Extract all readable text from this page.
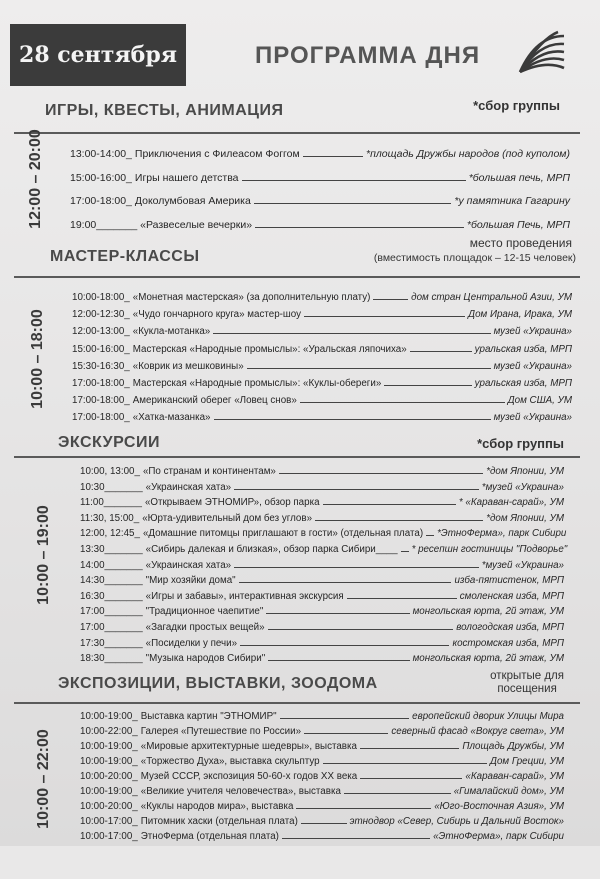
28 сентября	ПРОГРАММА ДНЯ
ИГРЫ, КВЕСТЫ, АНИМАЦИЯ	*сбор группы
12:00 – 20:00 13:00-14:00_ Приключения с Филеасом Фоггом	*площадь Дружбы народов (под куполом)
15:00-16:00_ Игры нашего детства	*большая печь, МРП
17:00-18:00_ Доколумбовая Америка	*у памятника Гагарину
19:00_______ «Развеселые вечерки»	*большая Печь, МРП
МАСТЕР-КЛАССЫ
место проведения
(вместимость площадок – 12-15 человек)
10:00 – 18:00
10:00-18:00_ «Монетная мастерская» (за дополнительную плату)	дом стран Центральной Азии, УМ
12:00-12:30_ «Чудо гончарного круга» мастер-шоу	Дом Ирана, Ирака, УМ
12:00-13:00_ «Кукла-мотанка»	музей «Украина»
15:00-16:00_ Мастерская «Народные промыслы»: «Уральская ляпочиха»	уральская изба, МРП
15:30-16:30_ «Коврик из мешковины»	музей «Украина»
17:00-18:00_ Мастерская «Народные промыслы»: «Куклы-обереги»	уральская изба, МРП
17:00-18:00_ Американский оберег «Ловец снов»	Дом США, УМ
17:00-18:00_ «Хатка-мазанка»	музей «Украина»
ЭКСКУРСИИ	*сбор группы
10:00 – 19:00
10:00, 13:00_ «По странам и континентам»	*дом Японии, УМ
10:30_______ «Украинская хата»	*музей «Украина»
11:00_______ «Открываем ЭТНОМИР», обзор парка	* «Караван-сарай», УМ
11:30, 15:00_ «Юрта-удивительный дом без углов»	*дом Японии, УМ
12:00, 12:45_ «Домашние питомцы приглашают в гости» (отдельная плата) *ЭтноФерма», парк Сибири
13:30_______ «Сибирь далекая и близкая», обзор парка Сибири____ * ресепшн гостиницы "Подворье"
14:00_______ «Украинская хата»	*музей «Украина»
14:30_______ "Мир хозяйки дома"	изба-пятистенок, МРП
16:30_______ «Игры и забавы», интерактивная экскурсия	смоленская изба, МРП
17:00_______ "Традиционное чаепитие"	монгольская юрта, 2й этаж, УМ
17:00_______ «Загадки простых вещей»	вологодская изба, МРП
17:30_______ «Посиделки у печи»	костромская изба, МРП
18:30_______ "Музыка народов Сибири"	монгольская юрта, 2й этаж, УМ
ЭКСПОЗИЦИИ, ВЫСТАВКИ, ЗООДОМА	открытые для
посещения
10:00 – 22:00
10:00-19:00_ Выставка картин "ЭТНОМИР"	европейский дворик Улицы Мира
10:00-22:00_ Галерея «Путешествие по России»	северный фасад «Вокруг света», УМ
10:00-19:00_ «Мировые архитектурные шедевры», выставка	Площадь Дружбы, УМ
10:00-19:00_ «Торжество Духа», выставка скульптур	Дом Греции, УМ
10:00-20:00_ Музей СССР, экспозиция 50-60-х годов XX века	«Караван-сарай», УМ
10:00-19:00_ «Великие учителя человечества», выставка	«Гималайский дом», УМ
10:00-20:00_ «Куклы народов мира», выставка	«Юго-Восточная Азия», УМ
10:00-17:00_ Питомник хаски (отдельная плата)	этнодвор «Север, Сибирь и Дальний Восток»
10:00-17:00_ ЭтноФерма (отдельная плата)	«ЭтноФерма», парк Сибири
